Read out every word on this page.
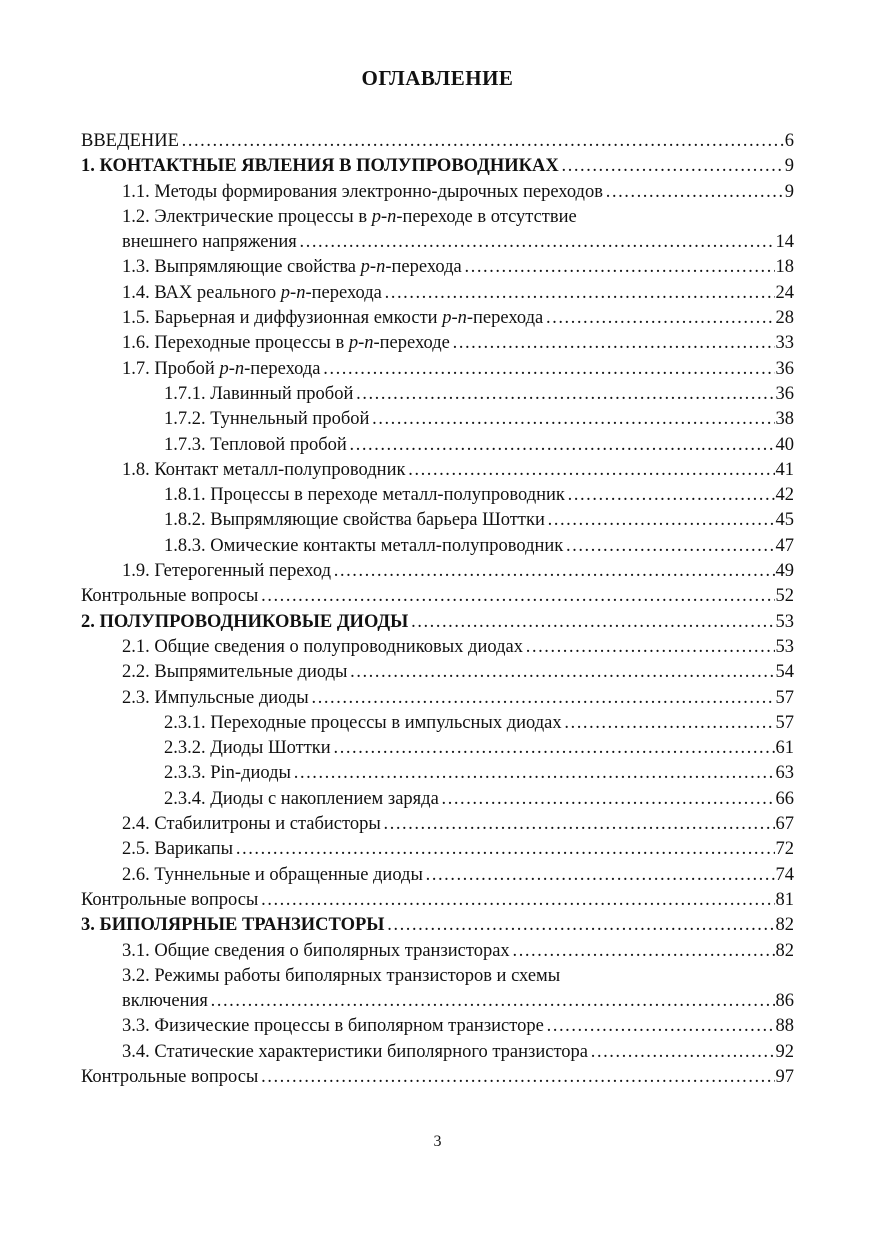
ОГЛАВЛЕНИЕ
ВВЕДЕНИЕ ……………………………………………………………………………………………………………………………………………	6
1. КОНТАКТНЫЕ ЯВЛЕНИЯ В ПОЛУПРОВОДНИКАХ ……………………………………………………………………………………………………………………………………………	9
1.1. Методы формирования электронно-дырочных переходов ……………………………………………………………………………………………………………………………………………	9
1.2. Электрические процессы в p-n-переходе в отсутствие
внешнего напряжения ……………………………………………………………………………………………………………………………………………	14
1.3. Выпрямляющие свойства p-n-перехода ……………………………………………………………………………………………………………………………………………	18
1.4. ВАХ реального p-n-перехода ……………………………………………………………………………………………………………………………………………	24
1.5. Барьерная и диффузионная емкости p-n-перехода ……………………………………………………………………………………………………………………………………………	28
1.6. Переходные процессы в p-n-переходе ……………………………………………………………………………………………………………………………………………	33
1.7. Пробой p-n-перехода ……………………………………………………………………………………………………………………………………………	36
1.7.1. Лавинный пробой ……………………………………………………………………………………………………………………………………………	36
1.7.2. Туннельный пробой ……………………………………………………………………………………………………………………………………………	38
1.7.3. Тепловой пробой ……………………………………………………………………………………………………………………………………………	40
1.8. Контакт металл-полупроводник ……………………………………………………………………………………………………………………………………………	41
1.8.1. Процессы в переходе металл-полупроводник ……………………………………………………………………………………………………………………………………………	42
1.8.2. Выпрямляющие свойства барьера Шоттки ……………………………………………………………………………………………………………………………………………	45
1.8.3. Омические контакты металл-полупроводник ……………………………………………………………………………………………………………………………………………	47
1.9. Гетерогенный переход ……………………………………………………………………………………………………………………………………………	49
Контрольные вопросы ……………………………………………………………………………………………………………………………………………	52
2. ПОЛУПРОВОДНИКОВЫЕ ДИОДЫ ……………………………………………………………………………………………………………………………………………	53
2.1. Общие сведения о полупроводниковых диодах ……………………………………………………………………………………………………………………………………………	53
2.2. Выпрямительные диоды ……………………………………………………………………………………………………………………………………………	54
2.3. Импульсные диоды ……………………………………………………………………………………………………………………………………………	57
2.3.1. Переходные процессы в импульсных диодах ……………………………………………………………………………………………………………………………………………	57
2.3.2. Диоды Шоттки ……………………………………………………………………………………………………………………………………………	61
2.3.3. Pin-диоды ……………………………………………………………………………………………………………………………………………	63
2.3.4. Диоды с накоплением заряда ……………………………………………………………………………………………………………………………………………	66
2.4. Стабилитроны и стабисторы ……………………………………………………………………………………………………………………………………………	67
2.5. Варикапы ……………………………………………………………………………………………………………………………………………	72
2.6. Туннельные и обращенные диоды ……………………………………………………………………………………………………………………………………………	74
Контрольные вопросы ……………………………………………………………………………………………………………………………………………	81
3. БИПОЛЯРНЫЕ ТРАНЗИСТОРЫ ……………………………………………………………………………………………………………………………………………	82
3.1. Общие сведения о биполярных транзисторах ……………………………………………………………………………………………………………………………………………	82
3.2. Режимы работы биполярных транзисторов и схемы
включения ……………………………………………………………………………………………………………………………………………	86
3.3. Физические процессы в биполярном транзисторе ……………………………………………………………………………………………………………………………………………	88
3.4. Статические характеристики биполярного транзистора ……………………………………………………………………………………………………………………………………………	92
Контрольные вопросы ……………………………………………………………………………………………………………………………………………	97
3
